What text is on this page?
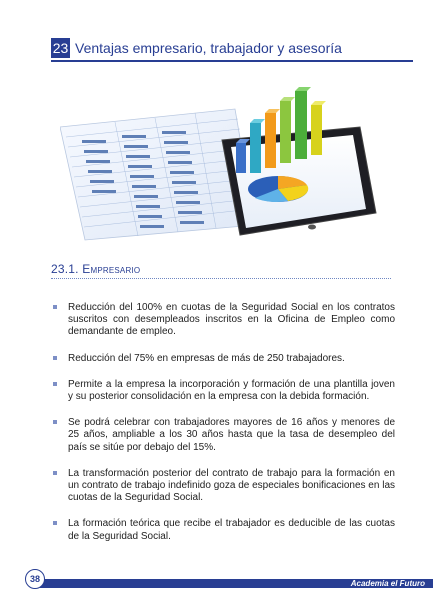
23 Ventajas empresario, trabajador y asesoría
23.1. Empresario
Reducción del 100% en cuotas de la Seguridad Social en los contratos suscritos con desempleados inscritos en la Oficina de Empleo como demandante de empleo.
Reducción del 75% en empresas de más de 250 trabajadores.
Permite a la empresa la incorporación y formación de una plantilla joven y su posterior consolidación en la empresa con la debida formación.
Se podrá celebrar con trabajadores mayores de 16 años y menores de 25 años, ampliable a los 30 años hasta que la tasa de desempleo del país se sitúe por debajo del 15%.
La transformación posterior del contrato de trabajo para la formación en un contrato de trabajo indefinido goza de especiales bonificaciones en las cuotas de la Seguridad Social.
La formación teórica que recibe el trabajador es deducible de las cuotas de la Seguridad Social.
Academia el Futuro
38
